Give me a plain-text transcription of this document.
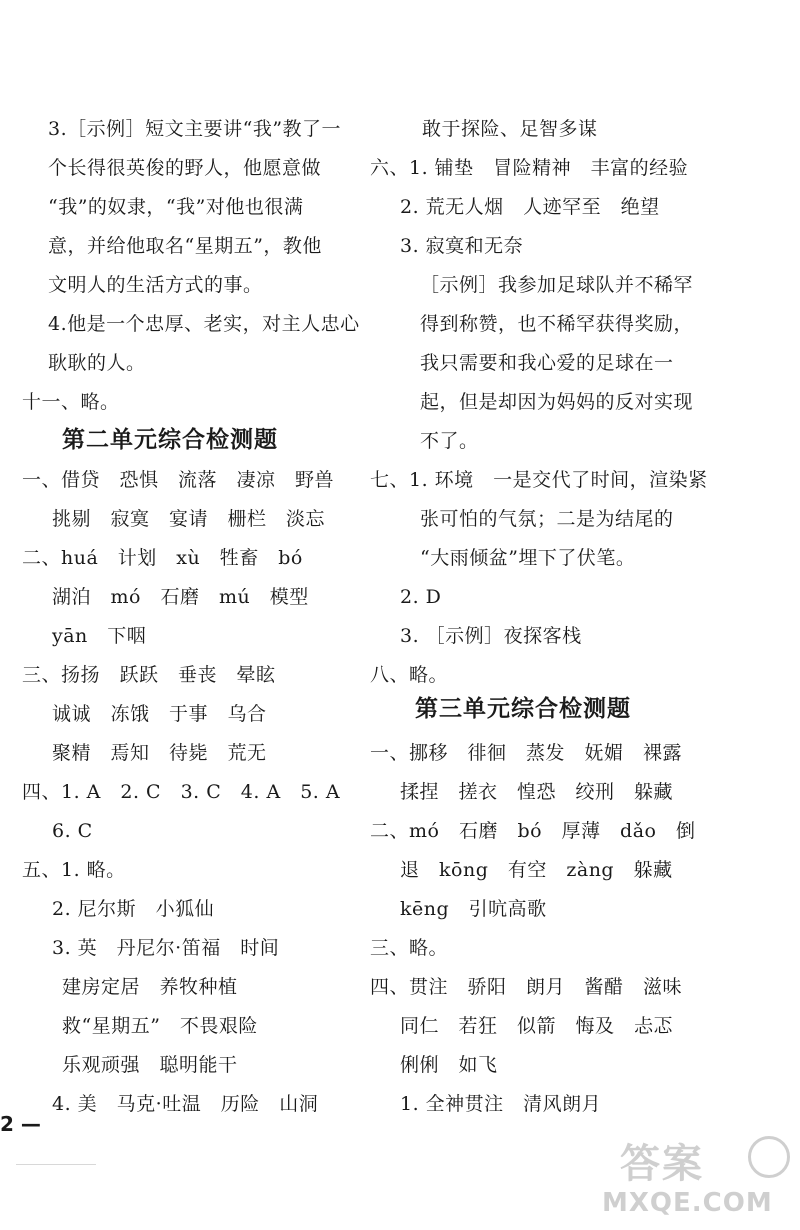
3.［示例］短文主要讲“我”教了一
个长得很英俊的野人，他愿意做
“我”的奴隶，“我”对他也很满
意，并给他取名“星期五”，教他
文明人的生活方式的事。
4.他是一个忠厚、老实，对主人忠心
耿耿的人。
十一、略。
第二单元综合检测题
一、借贷　恐惧　流落　凄凉　野兽
挑剔　寂寞　宴请　栅栏　淡忘
二、huá　计划　xù　牲畜　bó
湖泊　mó　石磨　mú　模型
yān　下咽
三、扬扬　跃跃　垂丧　晕眩
诚诚　冻饿　于事　乌合
聚精　焉知　待毙　荒无
四、1. A　2. C　3. C　4. A　5. A
6. C
五、1. 略。
2. 尼尔斯　小狐仙
3. 英　丹尼尔·笛福　时间
建房定居　养牧种植
救“星期五”　不畏艰险
乐观顽强　聪明能干
4. 美　马克·吐温　历险　山洞
敢于探险、足智多谋
六、1. 铺垫　冒险精神　丰富的经验
2. 荒无人烟　人迹罕至　绝望
3. 寂寞和无奈
［示例］我参加足球队并不稀罕
得到称赞，也不稀罕获得奖励，
我只需要和我心爱的足球在一
起，但是却因为妈妈的反对实现
不了。
七、1. 环境　一是交代了时间，渲染紧
张可怕的气氛；二是为结尾的
“大雨倾盆”埋下了伏笔。
2. D
3. ［示例］夜探客栈
八、略。
第三单元综合检测题
一、挪移　徘徊　蒸发　妩媚　裸露
揉捏　搓衣　惶恐　绞刑　躲藏
二、mó　石磨　bó　厚薄　dǎo　倒
退　kōng　有空　zàng　躲藏
kēng　引吭高歌
三、略。
四、贯注　骄阳　朗月　酱醋　滋味
同仁　若狂　似箭　悔及　忐忑
俐俐　如飞
1. 全神贯注　清风朗月
2 —
答案
MXQE.COM
